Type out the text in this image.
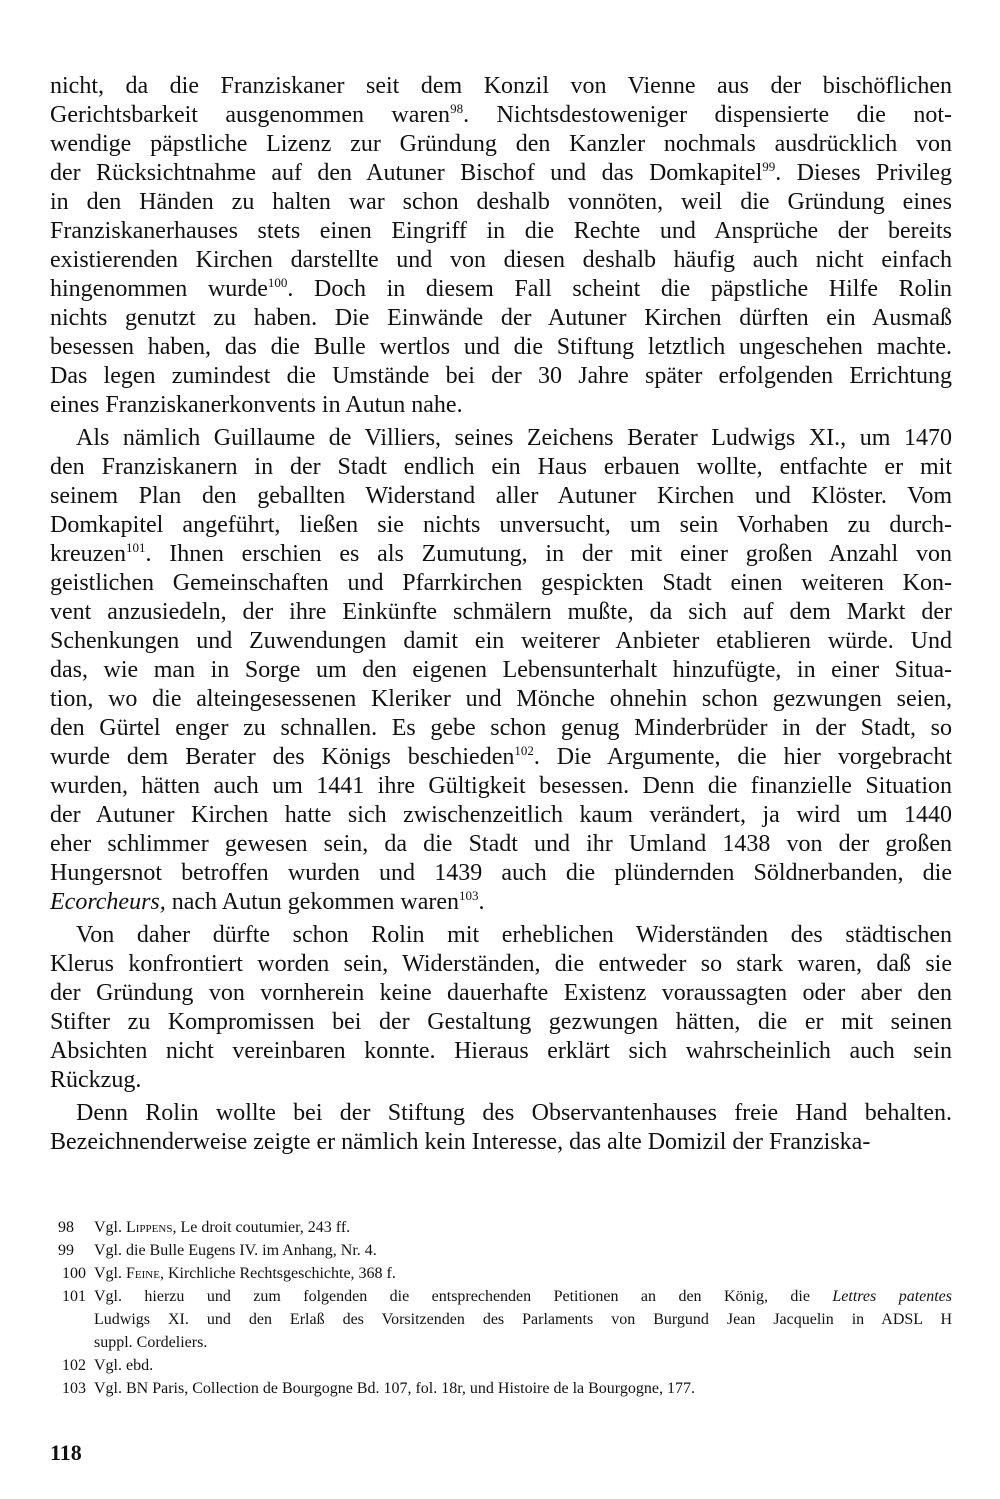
nicht, da die Franziskaner seit dem Konzil von Vienne aus der bischöflichen
Gerichtsbarkeit ausgenommen waren$^{98}$. Nichtsdestoweniger dispensierte die not-
wendige päpstliche Lizenz zur Gründung den Kanzler nochmals ausdrücklich von
der Rücksichtnahme auf den Autuner Bischof und das Domkapitel$^{99}$. Dieses Privileg
in den Händen zu halten war schon deshalb vonnöten, weil die Gründung eines
Franziskanerhauses stets einen Eingriff in die Rechte und Ansprüche der bereits
existierenden Kirchen darstellte und von diesen deshalb häufig auch nicht einfach
hingenommen wurde$^{100}$. Doch in diesem Fall scheint die päpstliche Hilfe Rolin
nichts genutzt zu haben. Die Einwände der Autuner Kirchen dürften ein Ausmaß
besessen haben, das die Bulle wertlos und die Stiftung letztlich ungeschehen machte.
Das legen zumindest die Umstände bei der 30 Jahre später erfolgenden Errichtung
eines Franziskanerkonvents in Autun nahe.
Als nämlich Guillaume de Villiers, seines Zeichens Berater Ludwigs XI., um 1470
den Franziskanern in der Stadt endlich ein Haus erbauen wollte, entfachte er mit
seinem Plan den geballten Widerstand aller Autuner Kirchen und Klöster. Vom
Domkapitel angeführt, ließen sie nichts unversucht, um sein Vorhaben zu durch-
kreuzen$^{101}$. Ihnen erschien es als Zumutung, in der mit einer großen Anzahl von
geistlichen Gemeinschaften und Pfarrkirchen gespickten Stadt einen weiteren Kon-
vent anzusiedeln, der ihre Einkünfte schmälern mußte, da sich auf dem Markt der
Schenkungen und Zuwendungen damit ein weiterer Anbieter etablieren würde. Und
das, wie man in Sorge um den eigenen Lebensunterhalt hinzufügte, in einer Situa-
tion, wo die alteingesessenen Kleriker und Mönche ohnehin schon gezwungen seien,
den Gürtel enger zu schnallen. Es gebe schon genug Minderbrüder in der Stadt, so
wurde dem Berater des Königs beschieden$^{102}$. Die Argumente, die hier vorgebracht
wurden, hätten auch um 1441 ihre Gültigkeit besessen. Denn die finanzielle Situation
der Autuner Kirchen hatte sich zwischenzeitlich kaum verändert, ja wird um 1440
eher schlimmer gewesen sein, da die Stadt und ihr Umland 1438 von der großen
Hungersnot betroffen wurden und 1439 auch die plündernden Söldnerbanden, die
Ecorcheurs, nach Autun gekommen waren$^{103}$.
Von daher dürfte schon Rolin mit erheblichen Widerständen des städtischen
Klerus konfrontiert worden sein, Widerständen, die entweder so stark waren, daß sie
der Gründung von vornherein keine dauerhafte Existenz voraussagten oder aber den
Stifter zu Kompromissen bei der Gestaltung gezwungen hätten, die er mit seinen
Absichten nicht vereinbaren konnte. Hieraus erklärt sich wahrscheinlich auch sein
Rückzug.
Denn Rolin wollte bei der Stiftung des Observantenhauses freie Hand behalten.
Bezeichnenderweise zeigte er nämlich kein Interesse, das alte Domizil der Franziska-
98 Vgl. Lippens, Le droit coutumier, 243 ff.
99 Vgl. die Bulle Eugens IV. im Anhang, Nr. 4.
100 Vgl. Feine, Kirchliche Rechtsgeschichte, 368 f.
101 Vgl. hierzu und zum folgenden die entsprechenden Petitionen an den König, die Lettres patentes
Ludwigs XI. und den Erlaß des Vorsitzenden des Parlaments von Burgund Jean Jacquelin in ADSL H
suppl. Cordeliers.
102 Vgl. ebd.
103 Vgl. BN Paris, Collection de Bourgogne Bd. 107, fol. 18r, und Histoire de la Bourgogne, 177.
118
